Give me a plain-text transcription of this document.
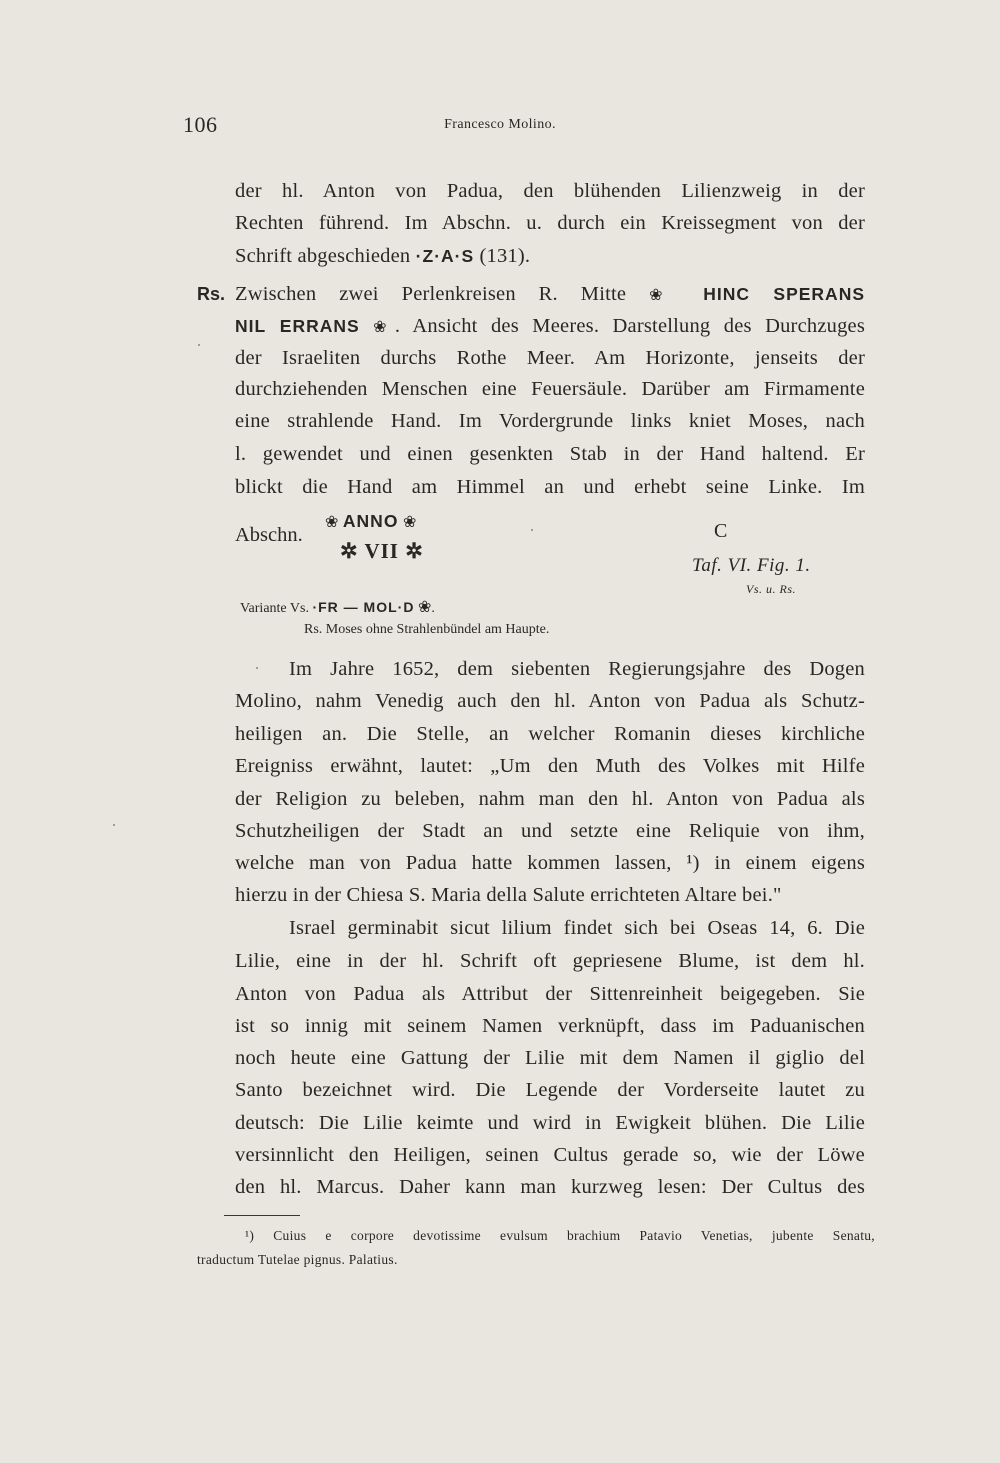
106	Francesco Molino.
der hl. Anton von Padua, den blühenden Lilienzweig in der
Rechten führend. Im Abschn. u. durch ein Kreissegment von der
Schrift abgeschieden ·Z·A·S (131).
Rs. Zwischen zwei Perlenkreisen R. Mitte ❀ HINC SPERANS
NIL ERRANS ❀. Ansicht des Meeres. Darstellung des Durchzuges
der Israeliten durchs Rothe Meer. Am Horizonte, jenseits der
durchziehenden Menschen eine Feuersäule. Darüber am Firmamente
eine strahlende Hand. Im Vordergrunde links kniet Moses, nach
l. gewendet und einen gesenkten Stab in der Hand haltend. Er
blickt die Hand am Himmel an und erhebt seine Linke. Im
Abschn.
❀ ANNO ❀
✲ VII ✲
C
Taf. VI. Fig. 1.
Vs. u. Rs.
Variante Vs. ·FR — MOL·D ❀.
Rs. Moses ohne Strahlenbündel am Haupte.
Im Jahre 1652, dem siebenten Regierungsjahre des Dogen
Molino, nahm Venedig auch den hl. Anton von Padua als Schutz-
heiligen an. Die Stelle, an welcher Romanin dieses kirchliche
Ereigniss erwähnt, lautet: „Um den Muth des Volkes mit Hilfe
der Religion zu beleben, nahm man den hl. Anton von Padua als
Schutzheiligen der Stadt an und setzte eine Reliquie von ihm,
welche man von Padua hatte kommen lassen, ¹) in einem eigens
hierzu in der Chiesa S. Maria della Salute errichteten Altare bei."
Israel germinabit sicut lilium findet sich bei Oseas 14, 6. Die
Lilie, eine in der hl. Schrift oft gepriesene Blume, ist dem hl.
Anton von Padua als Attribut der Sittenreinheit beigegeben. Sie
ist so innig mit seinem Namen verknüpft, dass im Paduanischen
noch heute eine Gattung der Lilie mit dem Namen il giglio del
Santo bezeichnet wird. Die Legende der Vorderseite lautet zu
deutsch: Die Lilie keimte und wird in Ewigkeit blühen. Die Lilie
versinnlicht den Heiligen, seinen Cultus gerade so, wie der Löwe
den hl. Marcus. Daher kann man kurzweg lesen: Der Cultus des
¹) Cuius e corpore devotissime evulsum brachium Patavio Venetias, jubente Senatu,
traductum Tutelae pignus. Palatius.
